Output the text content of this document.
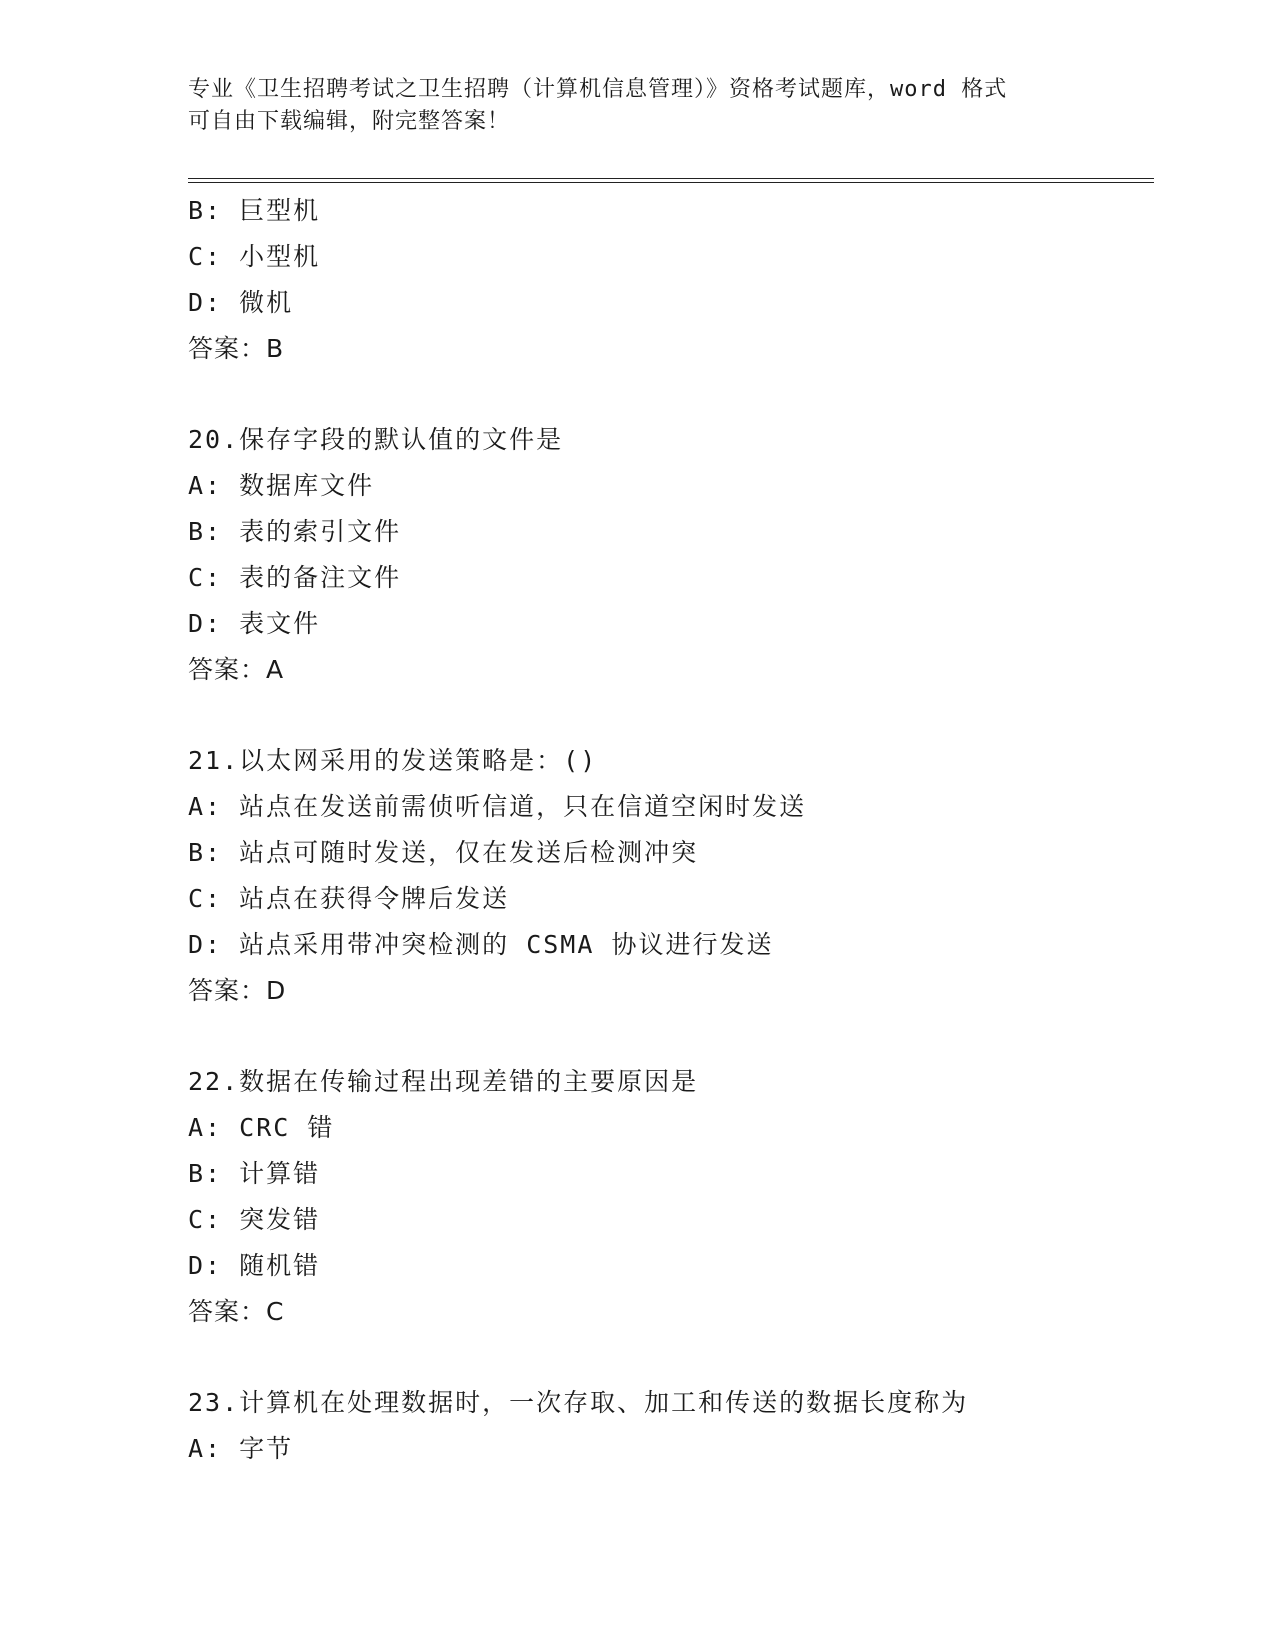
专业《卫生招聘考试之卫生招聘（计算机信息管理）》资格考试题库，word 格式
可自由下载编辑，附完整答案！
B: 巨型机
C: 小型机
D: 微机
答案：B
20.保存字段的默认值的文件是
A: 数据库文件
B: 表的索引文件
C: 表的备注文件
D: 表文件
答案：A
21.以太网采用的发送策略是：()
A: 站点在发送前需侦听信道，只在信道空闲时发送
B: 站点可随时发送，仅在发送后检测冲突
C: 站点在获得令牌后发送
D: 站点采用带冲突检测的 CSMA 协议进行发送
答案：D
22.数据在传输过程出现差错的主要原因是
A: CRC 错
B: 计算错
C: 突发错
D: 随机错
答案：C
23.计算机在处理数据时，一次存取、加工和传送的数据长度称为
A: 字节
